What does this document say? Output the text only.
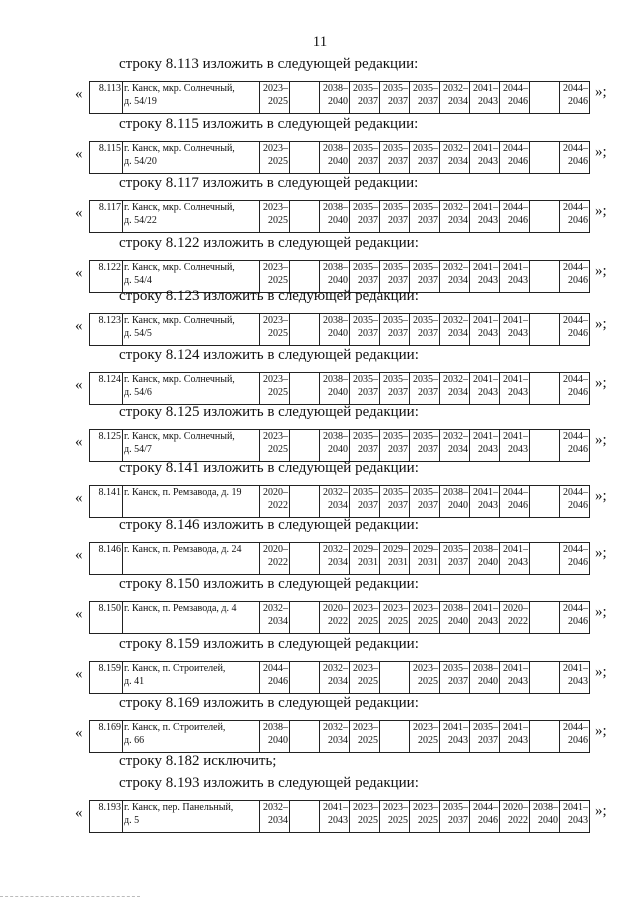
11
строку 8.113 изложить в следующей редакции:
« 8.113	г. Канск, мкр. Солнечный,
д. 54/19	2023–
2025	
	2038–
2040	2035–
2037	2035–
2037	2035–
2037	2032–
2034	2041–
2043	2044–
2046	
	2044–
2046
»;
строку 8.115 изложить в следующей редакции:
« 8.115	г. Канск, мкр. Солнечный,
д. 54/20	2023–
2025	
	2038–
2040	2035–
2037	2035–
2037	2035–
2037	2032–
2034	2041–
2043	2044–
2046	
	2044–
2046
»;
строку 8.117 изложить в следующей редакции:
« 8.117	г. Канск, мкр. Солнечный,
д. 54/22	2023–
2025	
	2038–
2040	2035–
2037	2035–
2037	2035–
2037	2032–
2034	2041–
2043	2044–
2046	
	2044–
2046
»;
строку 8.122 изложить в следующей редакции:
« 8.122	г. Канск, мкр. Солнечный,
д. 54/4	2023–
2025	
	2038–
2040	2035–
2037	2035–
2037	2035–
2037	2032–
2034	2041–
2043	2041–
2043	
	2044–
2046
»;
строку 8.123 изложить в следующей редакции:
« 8.123	г. Канск, мкр. Солнечный,
д. 54/5	2023–
2025	
	2038–
2040	2035–
2037	2035–
2037	2035–
2037	2032–
2034	2041–
2043	2041–
2043	
	2044–
2046
»;
строку 8.124 изложить в следующей редакции:
« 8.124	г. Канск, мкр. Солнечный,
д. 54/6	2023–
2025	
	2038–
2040	2035–
2037	2035–
2037	2035–
2037	2032–
2034	2041–
2043	2041–
2043	
	2044–
2046
»;
строку 8.125 изложить в следующей редакции:
« 8.125	г. Канск, мкр. Солнечный,
д. 54/7	2023–
2025	
	2038–
2040	2035–
2037	2035–
2037	2035–
2037	2032–
2034	2041–
2043	2041–
2043	
	2044–
2046
»;
строку 8.141 изложить в следующей редакции:
« 8.141	г. Канск, п. Ремзавода, д. 19	2020–
2022	
	2032–
2034	2035–
2037	2035–
2037	2035–
2037	2038–
2040	2041–
2043	2044–
2046	
	2044–
2046
»;
строку 8.146 изложить в следующей редакции:
« 8.146	г. Канск, п. Ремзавода, д. 24	2020–
2022	
	2032–
2034	2029–
2031	2029–
2031	2029–
2031	2035–
2037	2038–
2040	2041–
2043	
	2044–
2046
»;
строку 8.150 изложить в следующей редакции:
« 8.150	г. Канск, п. Ремзавода, д. 4	2032–
2034	
	2020–
2022	2023–
2025	2023–
2025	2023–
2025	2038–
2040	2041–
2043	2020–
2022	
	2044–
2046
»;
строку 8.159 изложить в следующей редакции:
« 8.159	г. Канск, п. Строителей,
д. 41	2044–
2046	
	2032–
2034	2023–
2025	
	2023–
2025	2035–
2037	2038–
2040	2041–
2043	
	2041–
2043
»;
строку 8.169 изложить в следующей редакции:
« 8.169	г. Канск, п. Строителей,
д. 66	2038–
2040	
	2032–
2034	2023–
2025	
	2023–
2025	2041–
2043	2035–
2037	2041–
2043	
	2044–
2046
»;
строку 8.182 исключить;
строку 8.193 изложить в следующей редакции:
« 8.193	г. Канск, пер. Панельный,
д. 5	2032–
2034	
	2041–
2043	2023–
2025	2023–
2025	2023–
2025	2035–
2037	2044–
2046	2020–
2022	2038–
2040	2041–
2043
»;
